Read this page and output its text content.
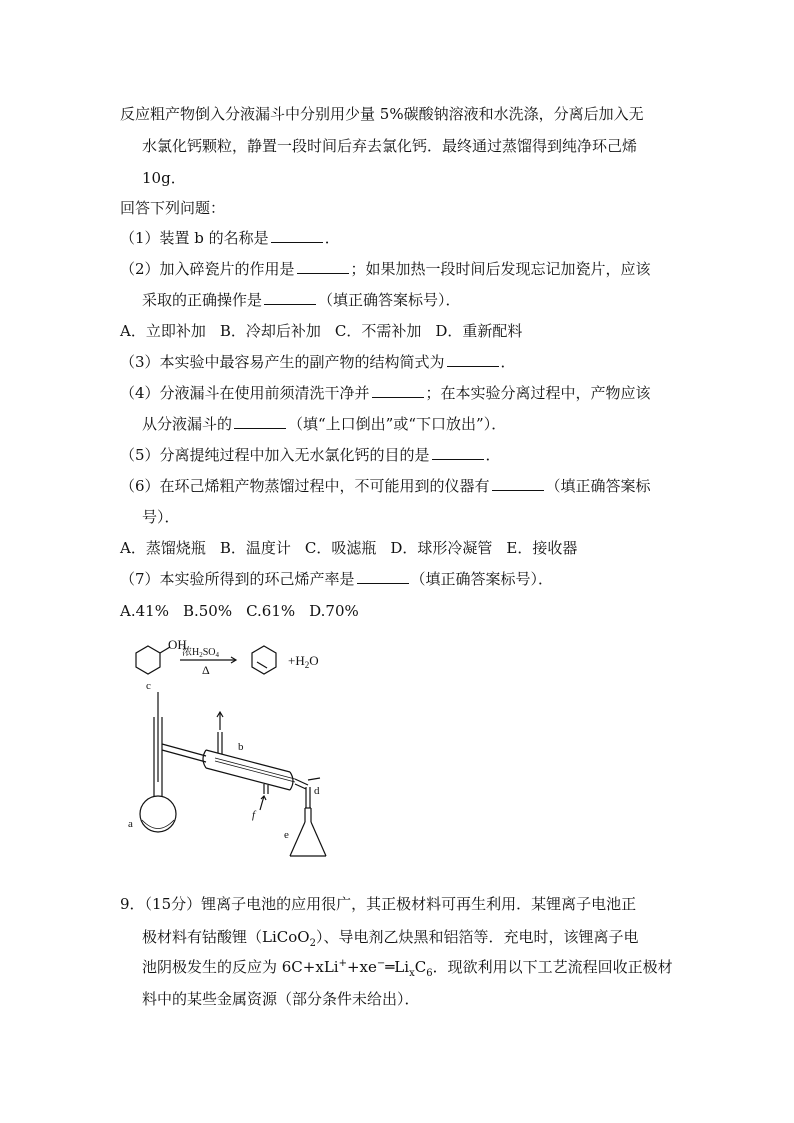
反应粗产物倒入分液漏斗中分别用少量 5%碳酸钠溶液和水洗涤，分离后加入无
水氯化钙颗粒，静置一段时间后弃去氯化钙．最终通过蒸馏得到纯净环己烯
10g．
回答下列问题：
（1）装置 b 的名称是	．
（2）加入碎瓷片的作用是	；如果加热一段时间后发现忘记加瓷片，应该
采取的正确操作是	（填正确答案标号）．
A．立即补加 B．冷却后补加 C．不需补加 D．重新配料
（3）本实验中最容易产生的副产物的结构简式为	．
（4）分液漏斗在使用前须清洗干净并	；在本实验分离过程中，产物应该
从分液漏斗的	（填“上口倒出”或“下口放出”）．
（5）分离提纯过程中加入无水氯化钙的目的是	．
（6）在环己烯粗产物蒸馏过程中，不可能用到的仪器有	（填正确答案标
号）．
A．蒸馏烧瓶 B．温度计 C．吸滤瓶 D．球形冷凝管 E．接收器
（7）本实验所得到的环己烯产率是	（填正确答案标号）．
A.41% B.50% C.61% D.70%
OH
浓$H_2SO_4$
Δ
$+H_2O$
c
a
b
f
d
e
9．（15分）锂离子电池的应用很广，其正极材料可再生利用．某锂离子电池正
极材料有钴酸锂（LiCoO$_2$）、导电剂乙炔黑和铝箔等．充电时，该锂离子电
池阴极发生的反应为 $6C+xLi^++xe^-═Li_xC_6$．现欲利用以下工艺流程回收正极材
料中的某些金属资源（部分条件未给出）．
